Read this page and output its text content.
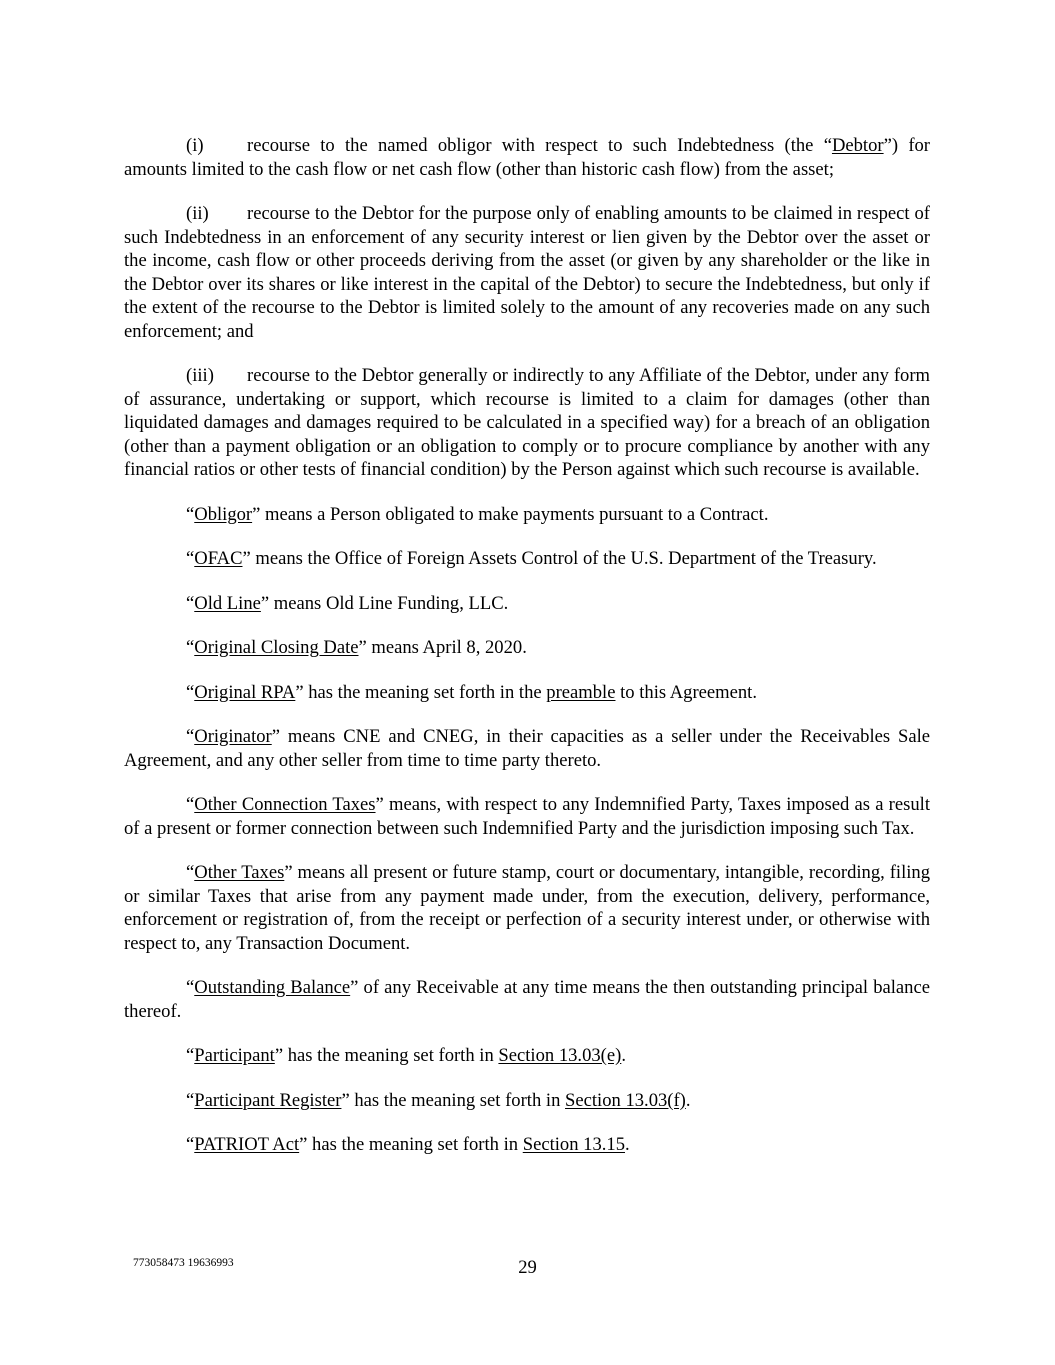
(i) recourse to the named obligor with respect to such Indebtedness (the “Debtor”) for amounts limited to the cash flow or net cash flow (other than historic cash flow) from the asset;

(ii) recourse to the Debtor for the purpose only of enabling amounts to be claimed in respect of such Indebtedness in an enforcement of any security interest or lien given by the Debtor over the asset or the income, cash flow or other proceeds deriving from the asset (or given by any shareholder or the like in the Debtor over its shares or like interest in the capital of the Debtor) to secure the Indebtedness, but only if the extent of the recourse to the Debtor is limited solely to the amount of any recoveries made on any such enforcement; and

(iii) recourse to the Debtor generally or indirectly to any Affiliate of the Debtor, under any form of assurance, undertaking or support, which recourse is limited to a claim for damages (other than liquidated damages and damages required to be calculated in a specified way) for a breach of an obligation (other than a payment obligation or an obligation to comply or to procure compliance by another with any financial ratios or other tests of financial condition) by the Person against which such recourse is available.

“Obligor” means a Person obligated to make payments pursuant to a Contract.

“OFAC” means the Office of Foreign Assets Control of the U.S. Department of the Treasury.

“Old Line” means Old Line Funding, LLC.

“Original Closing Date” means April 8, 2020.

“Original RPA” has the meaning set forth in the preamble to this Agreement.

“Originator” means CNE and CNEG, in their capacities as a seller under the Receivables Sale Agreement, and any other seller from time to time party thereto.

“Other Connection Taxes” means, with respect to any Indemnified Party, Taxes imposed as a result of a present or former connection between such Indemnified Party and the jurisdiction imposing such Tax.

“Other Taxes” means all present or future stamp, court or documentary, intangible, recording, filing or similar Taxes that arise from any payment made under, from the execution, delivery, performance, enforcement or registration of, from the receipt or perfection of a security interest under, or otherwise with respect to, any Transaction Document.

“Outstanding Balance” of any Receivable at any time means the then outstanding principal balance thereof.

“Participant” has the meaning set forth in Section 13.03(e).

“Participant Register” has the meaning set forth in Section 13.03(f).

“PATRIOT Act” has the meaning set forth in Section 13.15.

773058473 19636993	29
